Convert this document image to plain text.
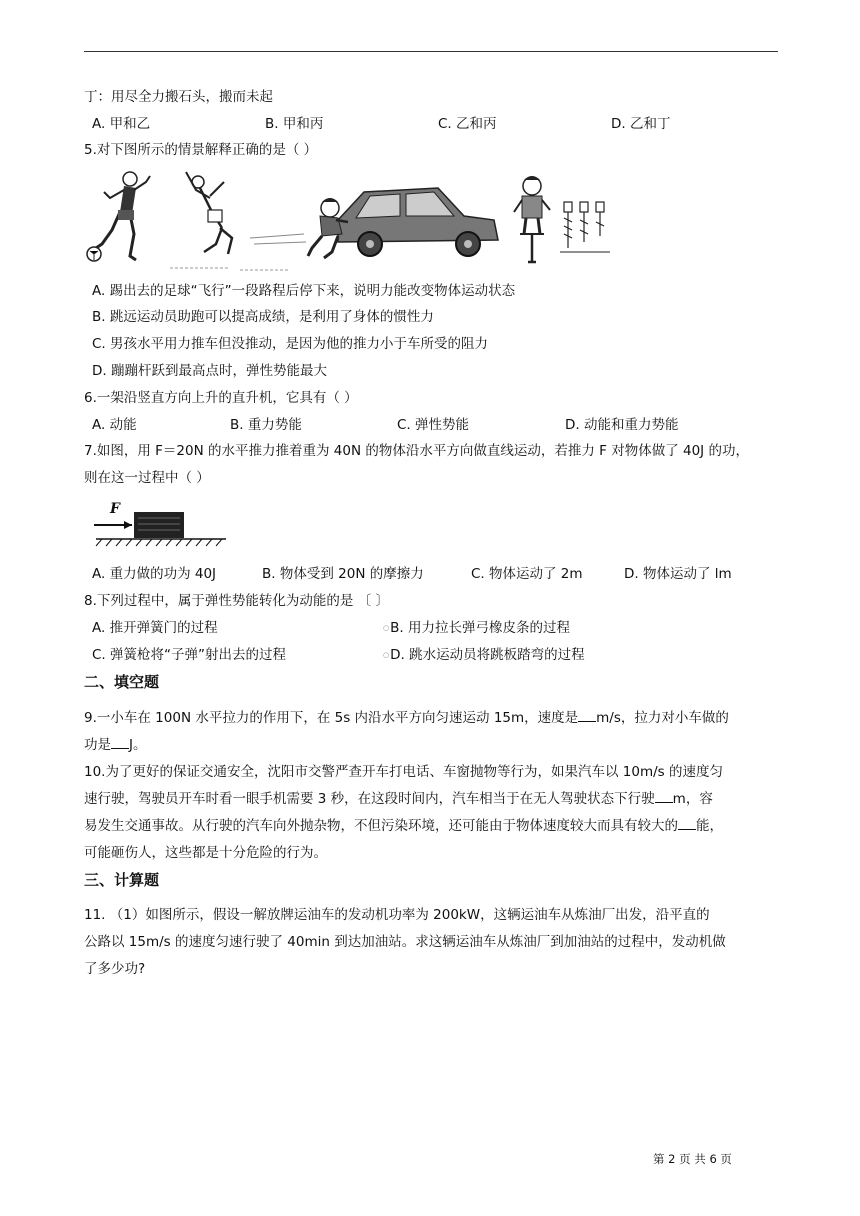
丁：用尽全力搬石头，搬而未起
A. 甲和乙	B. 甲和丙	C. 乙和丙	D. 乙和丁
5.对下图所示的情景解释正确的是（ ）
A. 踢出去的足球“飞行”一段路程后停下来，说明力能改变物体运动状态
B. 跳远运动员助跑可以提高成绩，是利用了身体的惯性力
C. 男孩水平用力推车但没推动，是因为他的推力小于车所受的阻力
D. 蹦蹦杆跃到最高点时，弹性势能最大
6.一架沿竖直方向上升的直升机，它具有（ ）
A. 动能	B. 重力势能	C. 弹性势能	D. 动能和重力势能
7.如图，用 F＝20N 的水平推力推着重为 40N 的物体沿水平方向做直线运动，若推力 F 对物体做了 40J 的功，
则在这一过程中（ ）
F
A. 重力做的功为 40J	B. 物体受到 20N 的摩擦力	C. 物体运动了 2m	D. 物体运动了 lm
8.下列过程中，属于弹性势能转化为动能的是 〔 〕
A. 推开弹簧门的过程	○B. 用力拉长弹弓橡皮条的过程
C. 弹簧枪将“子弹”射出去的过程	○D. 跳水运动员将跳板踏弯的过程
二、填空题
9.一小车在 100N 水平拉力的作用下，在 5s 内沿水平方向匀速运动 15m，速度是 m/s，拉力对小车做的
功是 J。
10.为了更好的保证交通安全，沈阳市交警严查开车打电话、车窗抛物等行为，如果汽车以 10m/s 的速度匀
速行驶，驾驶员开车时看一眼手机需要 3 秒，在这段时间内，汽车相当于在无人驾驶状态下行驶 m，容
易发生交通事故。从行驶的汽车向外抛杂物，不但污染环境，还可能由于物体速度较大而具有较大的 能，
可能砸伤人，这些都是十分危险的行为。
三、计算题
11. （1）如图所示，假设一解放牌运油车的发动机功率为 200kW，这辆运油车从炼油厂出发，沿平直的
公路以 15m/s 的速度匀速行驶了 40min 到达加油站。求这辆运油车从炼油厂到加油站的过程中，发动机做
了多少功?
第 2 页 共 6 页
